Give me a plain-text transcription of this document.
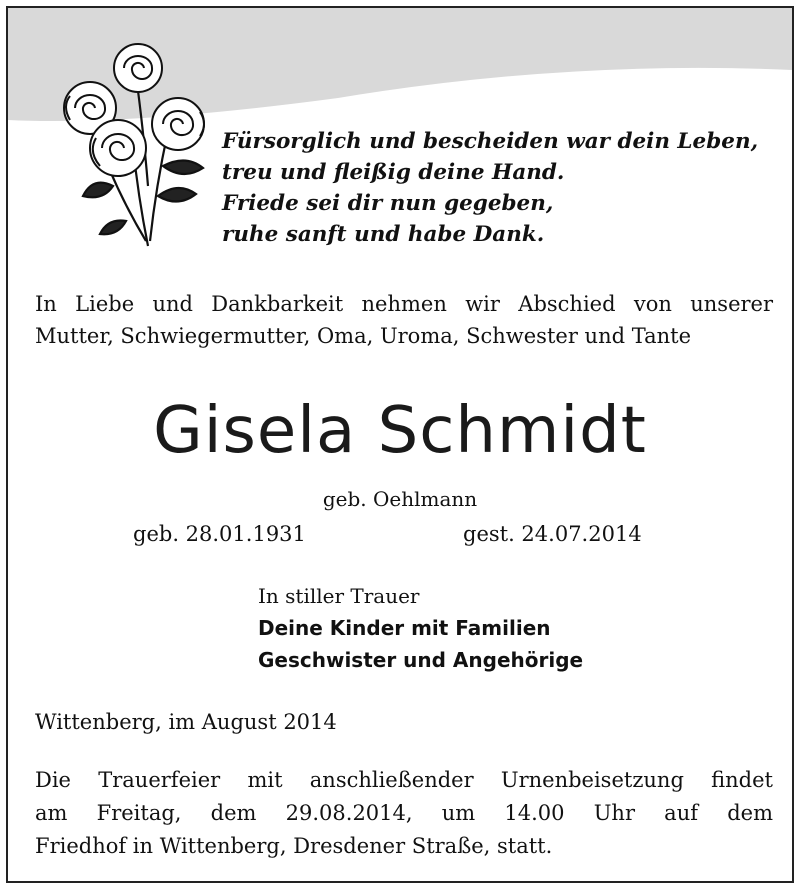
Fürsorglich und bescheiden war dein Leben,
treu und fleißig deine Hand.
Friede sei dir nun gegeben,
ruhe sanft und habe Dank.
In Liebe und Dankbarkeit nehmen wir Abschied von unserer
Mutter, Schwiegermutter, Oma, Uroma, Schwester und Tante
Gisela Schmidt
geb. Oehlmann
geb. 28.01.1931	gest. 24.07.2014
In stiller Trauer
Deine Kinder mit Familien
Geschwister und Angehörige
Wittenberg, im August 2014
Die Trauerfeier mit anschließender Urnenbeisetzung findet
am Freitag, dem 29.08.2014, um 14.00 Uhr auf dem
Friedhof in Wittenberg, Dresdener Straße, statt.
